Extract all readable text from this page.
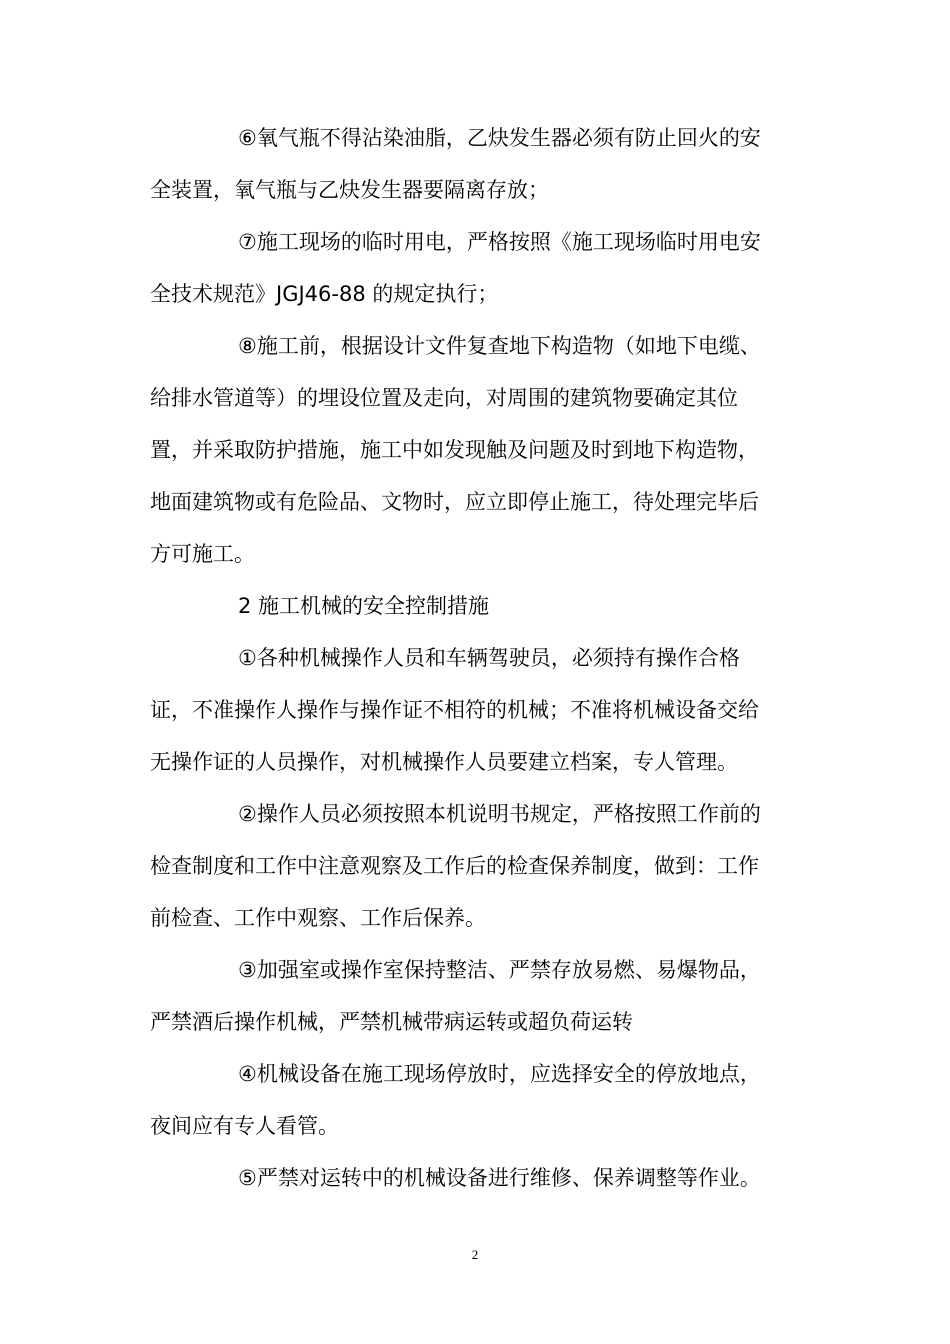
⑥氧气瓶不得沾染油脂，乙炔发生器必须有防止回火的安
全装置，氧气瓶与乙炔发生器要隔离存放；
⑦施工现场的临时用电，严格按照《施工现场临时用电安
全技术规范》JGJ46-88 的规定执行；
⑧施工前，根据设计文件复查地下构造物（如地下电缆、
给排水管道等）的埋设位置及走向，对周围的建筑物要确定其位
置，并采取防护措施，施工中如发现触及问题及时到地下构造物，
地面建筑物或有危险品、文物时，应立即停止施工，待处理完毕后
方可施工。
2 施工机械的安全控制措施
①各种机械操作人员和车辆驾驶员，必须持有操作合格
证，不准操作人操作与操作证不相符的机械；不准将机械设备交给
无操作证的人员操作，对机械操作人员要建立档案，专人管理。
②操作人员必须按照本机说明书规定，严格按照工作前的
检查制度和工作中注意观察及工作后的检查保养制度，做到：工作
前检查、工作中观察、工作后保养。
③加强室或操作室保持整洁、严禁存放易燃、易爆物品，
严禁酒后操作机械，严禁机械带病运转或超负荷运转
④机械设备在施工现场停放时，应选择安全的停放地点，
夜间应有专人看管。
⑤严禁对运转中的机械设备进行维修、保养调整等作业。
2
